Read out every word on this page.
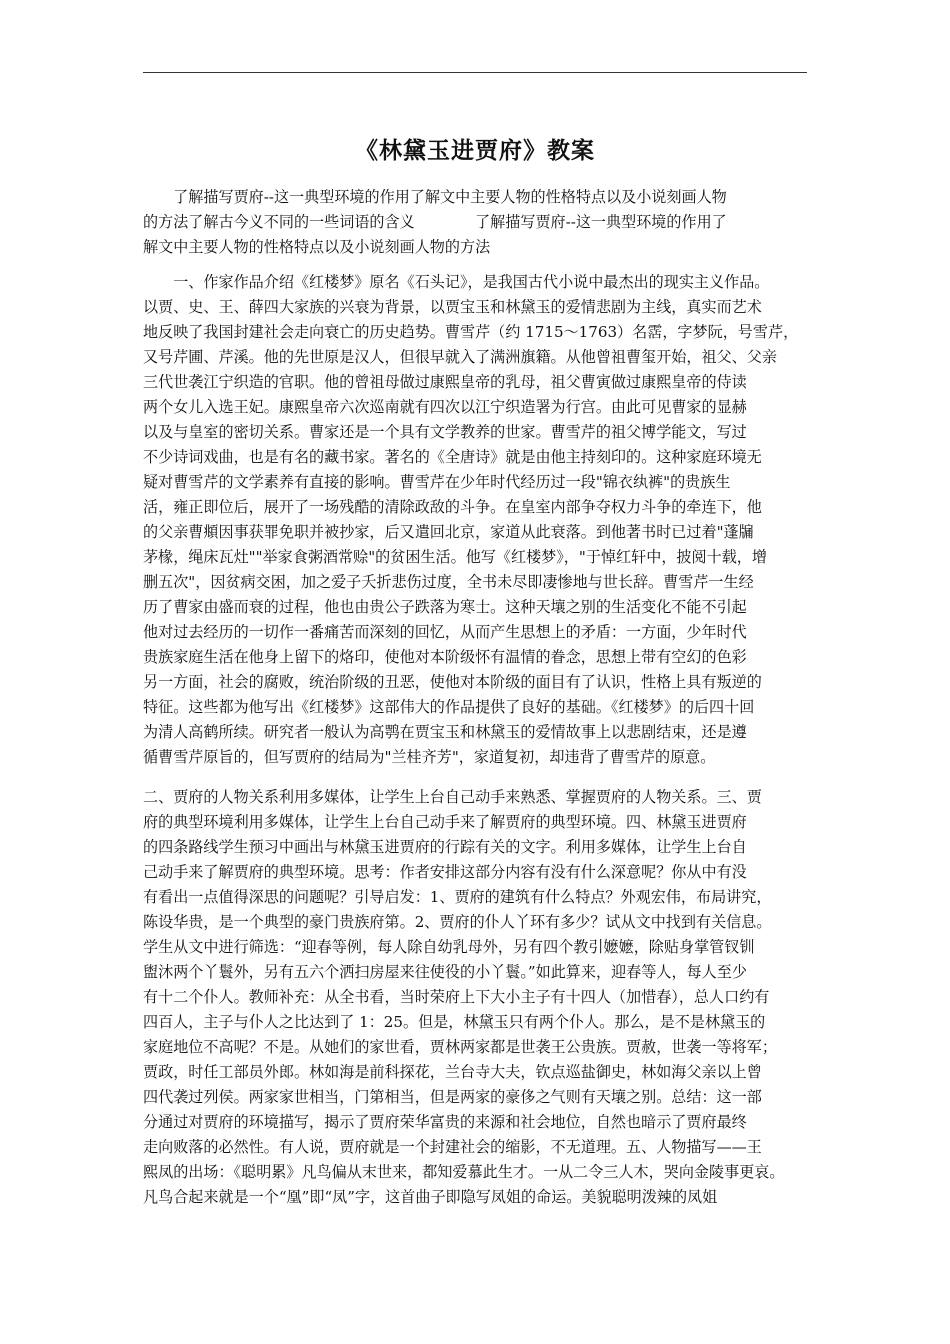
《林黛玉进贾府》教案
　　了解描写贾府--这一典型环境的作用了解文中主要人物的性格特点以及小说刻画人物
的方法了解古今义不同的一些词语的含义　　　　了解描写贾府--这一典型环境的作用了
解文中主要人物的性格特点以及小说刻画人物的方法
　　一、作家作品介绍《红楼梦》原名《石头记》，是我国古代小说中最杰出的现实主义作品。
以贾、史、王、薛四大家族的兴衰为背景，以贾宝玉和林黛玉的爱情悲剧为主线，真实而艺术
地反映了我国封建社会走向衰亡的历史趋势。曹雪芹（约 1715～1763）名霑，字梦阮，号雪芹，
又号芹圃、芹溪。他的先世原是汉人，但很早就入了满洲旗籍。从他曾祖曹玺开始，祖父、父亲
三代世袭江宁织造的官职。他的曾祖母做过康熙皇帝的乳母，祖父曹寅做过康熙皇帝的侍读
两个女儿入选王妃。康熙皇帝六次巡南就有四次以江宁织造署为行宫。由此可见曹家的显赫
以及与皇室的密切关系。曹家还是一个具有文学教养的世家。曹雪芹的祖父博学能文，写过
不少诗词戏曲，也是有名的藏书家。著名的《全唐诗》就是由他主持刻印的。这种家庭环境无
疑对曹雪芹的文学素养有直接的影响。曹雪芹在少年时代经历过一段"锦衣纨裤"的贵族生
活，雍正即位后，展开了一场残酷的清除政敌的斗争。在皇室内部争夺权力斗争的牵连下，他
的父亲曹頫因事获罪免职并被抄家，后又遣回北京，家道从此衰落。到他著书时已过着"蓬牖
茅椽，绳床瓦灶""举家食粥酒常赊"的贫困生活。他写《红楼梦》，"于悼红轩中，披阅十载，增
删五次"，因贫病交困，加之爱子夭折悲伤过度，全书未尽即凄惨地与世长辞。曹雪芹一生经
历了曹家由盛而衰的过程，他也由贵公子跌落为寒士。这种天壤之别的生活变化不能不引起
他对过去经历的一切作一番痛苦而深刻的回忆，从而产生思想上的矛盾：一方面，少年时代
贵族家庭生活在他身上留下的烙印，使他对本阶级怀有温情的眷念，思想上带有空幻的色彩
另一方面，社会的腐败，统治阶级的丑恶，使他对本阶级的面目有了认识，性格上具有叛逆的
特征。这些都为他写出《红楼梦》这部伟大的作品提供了良好的基础。《红楼梦》的后四十回
为清人高鹤所续。研究者一般认为高鹗在贾宝玉和林黛玉的爱情故事上以悲剧结束，还是遵
循曹雪芹原旨的，但写贾府的结局为"兰桂齐芳"，家道复初，却违背了曹雪芹的原意。
二、贾府的人物关系利用多媒体，让学生上台自己动手来熟悉、掌握贾府的人物关系。三、贾
府的典型环境利用多媒体，让学生上台自己动手来了解贾府的典型环境。四、林黛玉进贾府
的四条路线学生预习中画出与林黛玉进贾府的行踪有关的文字。利用多媒体，让学生上台自
己动手来了解贾府的典型环境。思考：作者安排这部分内容有没有什么深意呢？你从中有没
有看出一点值得深思的问题呢？引导启发：1、贾府的建筑有什么特点？外观宏伟，布局讲究，
陈设华贵，是一个典型的豪门贵族府第。2、贾府的仆人丫环有多少？试从文中找到有关信息。
学生从文中进行筛选：“迎春等例，每人除自幼乳母外，另有四个教引嬷嬷，除贴身掌管钗钏
盥沐两个丫鬟外，另有五六个洒扫房屋来往使役的小丫鬟。”如此算来，迎春等人，每人至少
有十二个仆人。教师补充：从全书看，当时荣府上下大小主子有十四人（加惜春），总人口约有
四百人，主子与仆人之比达到了 1：25。但是，林黛玉只有两个仆人。那么，是不是林黛玉的
家庭地位不高呢？不是。从她们的家世看，贾林两家都是世袭王公贵族。贾赦，世袭一等将军；
贾政，时任工部员外郎。林如海是前科探花，兰台寺大夫，钦点巡盐御史，林如海父亲以上曾
四代袭过列侯。两家家世相当，门第相当，但是两家的豪侈之气则有天壤之别。总结：这一部
分通过对贾府的环境描写，揭示了贾府荣华富贵的来源和社会地位，自然也暗示了贾府最终
走向败落的必然性。有人说，贾府就是一个封建社会的缩影，不无道理。五、人物描写——王
熙凤的出场：《聪明累》凡鸟偏从末世来，都知爱慕此生才。一从二令三人木，哭向金陵事更哀。
凡鸟合起来就是一个“凰”即“凤”字，这首曲子即隐写凤姐的命运。美貌聪明泼辣的凤姐
